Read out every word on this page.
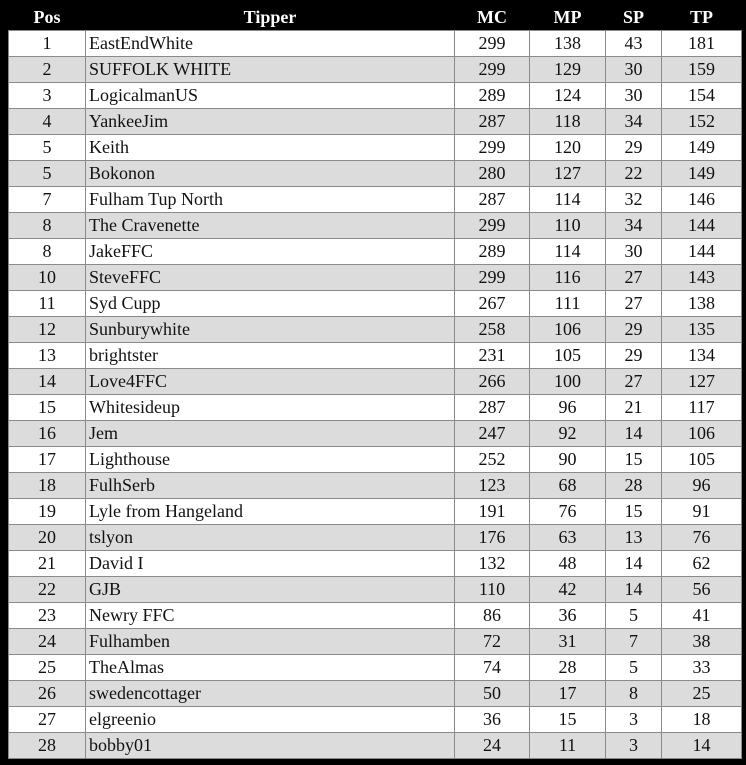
Pos	Tipper	MC	MP	SP	TP
1	EastEndWhite	299	138	43	181
2	SUFFOLK WHITE	299	129	30	159
3	LogicalmanUS	289	124	30	154
4	YankeeJim	287	118	34	152
5	Keith	299	120	29	149
5	Bokonon	280	127	22	149
7	Fulham Tup North	287	114	32	146
8	The Cravenette	299	110	34	144
8	JakeFFC	289	114	30	144
10	SteveFFC	299	116	27	143
11	Syd Cupp	267	111	27	138
12	Sunburywhite	258	106	29	135
13	brightster	231	105	29	134
14	Love4FFC	266	100	27	127
15	Whitesideup	287	96	21	117
16	Jem	247	92	14	106
17	Lighthouse	252	90	15	105
18	FulhSerb	123	68	28	96
19	Lyle from Hangeland	191	76	15	91
20	tslyon	176	63	13	76
21	David I	132	48	14	62
22	GJB	110	42	14	56
23	Newry FFC	86	36	5	41
24	Fulhamben	72	31	7	38
25	TheAlmas	74	28	5	33
26	swedencottager	50	17	8	25
27	elgreenio	36	15	3	18
28	bobby01	24	11	3	14
